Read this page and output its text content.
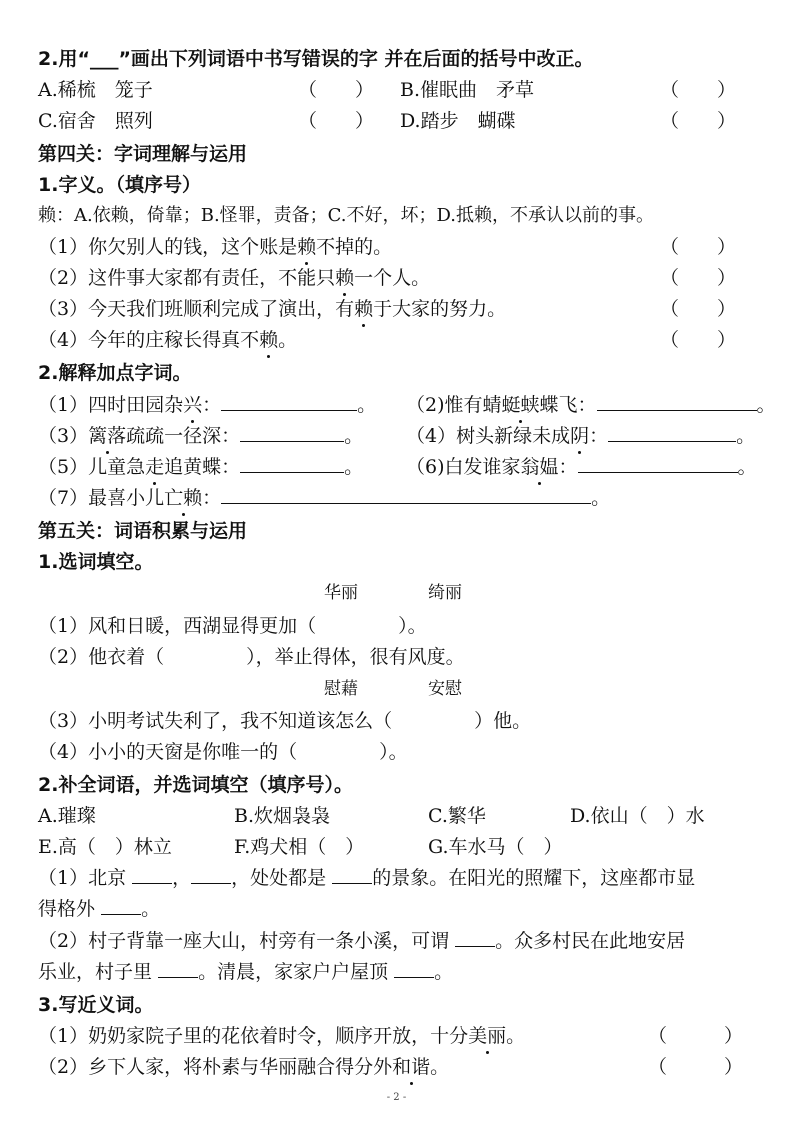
2.用“___”画出下列词语中书写错误的字 并在后面的括号中改正。
A.稀梳　笼子	（　　） B.催眠曲　矛草	（　　）
C.宿舍　照列	（　　） D.踏步　蝴碟	（　　）
第四关：字词理解与运用
1.字义。（填序号）
赖：A.依赖，倚靠；B.怪罪，责备；C.不好，坏；D.抵赖，不承认以前的事。
（1）你欠别人的钱，这个账是赖不掉的。	（　　）
（2）这件事大家都有责任，不能只赖一个人。	（　　）
（3）今天我们班顺利完成了演出，有赖于大家的努力。	（　　）
（4）今年的庄稼长得真不赖。	（　　）
2.解释加点字词。
（1）四时田园杂兴：	。 （2)惟有蜻蜓蛱蝶飞：	。
（3）篱落疏疏一径深：	。 （4）树头新绿未成阴：	。
（5）儿童急走追黄蝶：	。 （6)白发谁家翁媪：	。
（7）最喜小儿亡赖：	。
第五关：词语积累与运用
1.选词填空。
华丽	绮丽
（1）风和日暖，西湖显得更加（	）。
（2）他衣着（	），举止得体，很有风度。
慰藉	安慰
（3）小明考试失利了，我不知道该怎么（	）他。
（4）小小的天窗是你唯一的（	）。
2.补全词语，并选词填空（填序号）。
A.璀璨	B.炊烟袅袅	C.繁华	D.依山（　）水
E.高（　）林立	F.鸡犬相（　）	G.车水马（　）
（1）北京 ， ，处处都是 的景象。在阳光的照耀下，这座都市显
得格外 。
（2）村子背靠一座大山，村旁有一条小溪，可谓 。众多村民在此地安居
乐业，村子里 。清晨，家家户户屋顶 。
3.写近义词。
（1）奶奶家院子里的花依着时令，顺序开放，十分美丽。	（　　　）
（2）乡下人家，将朴素与华丽融合得分外和谐。	（　　　）
- 2 -
